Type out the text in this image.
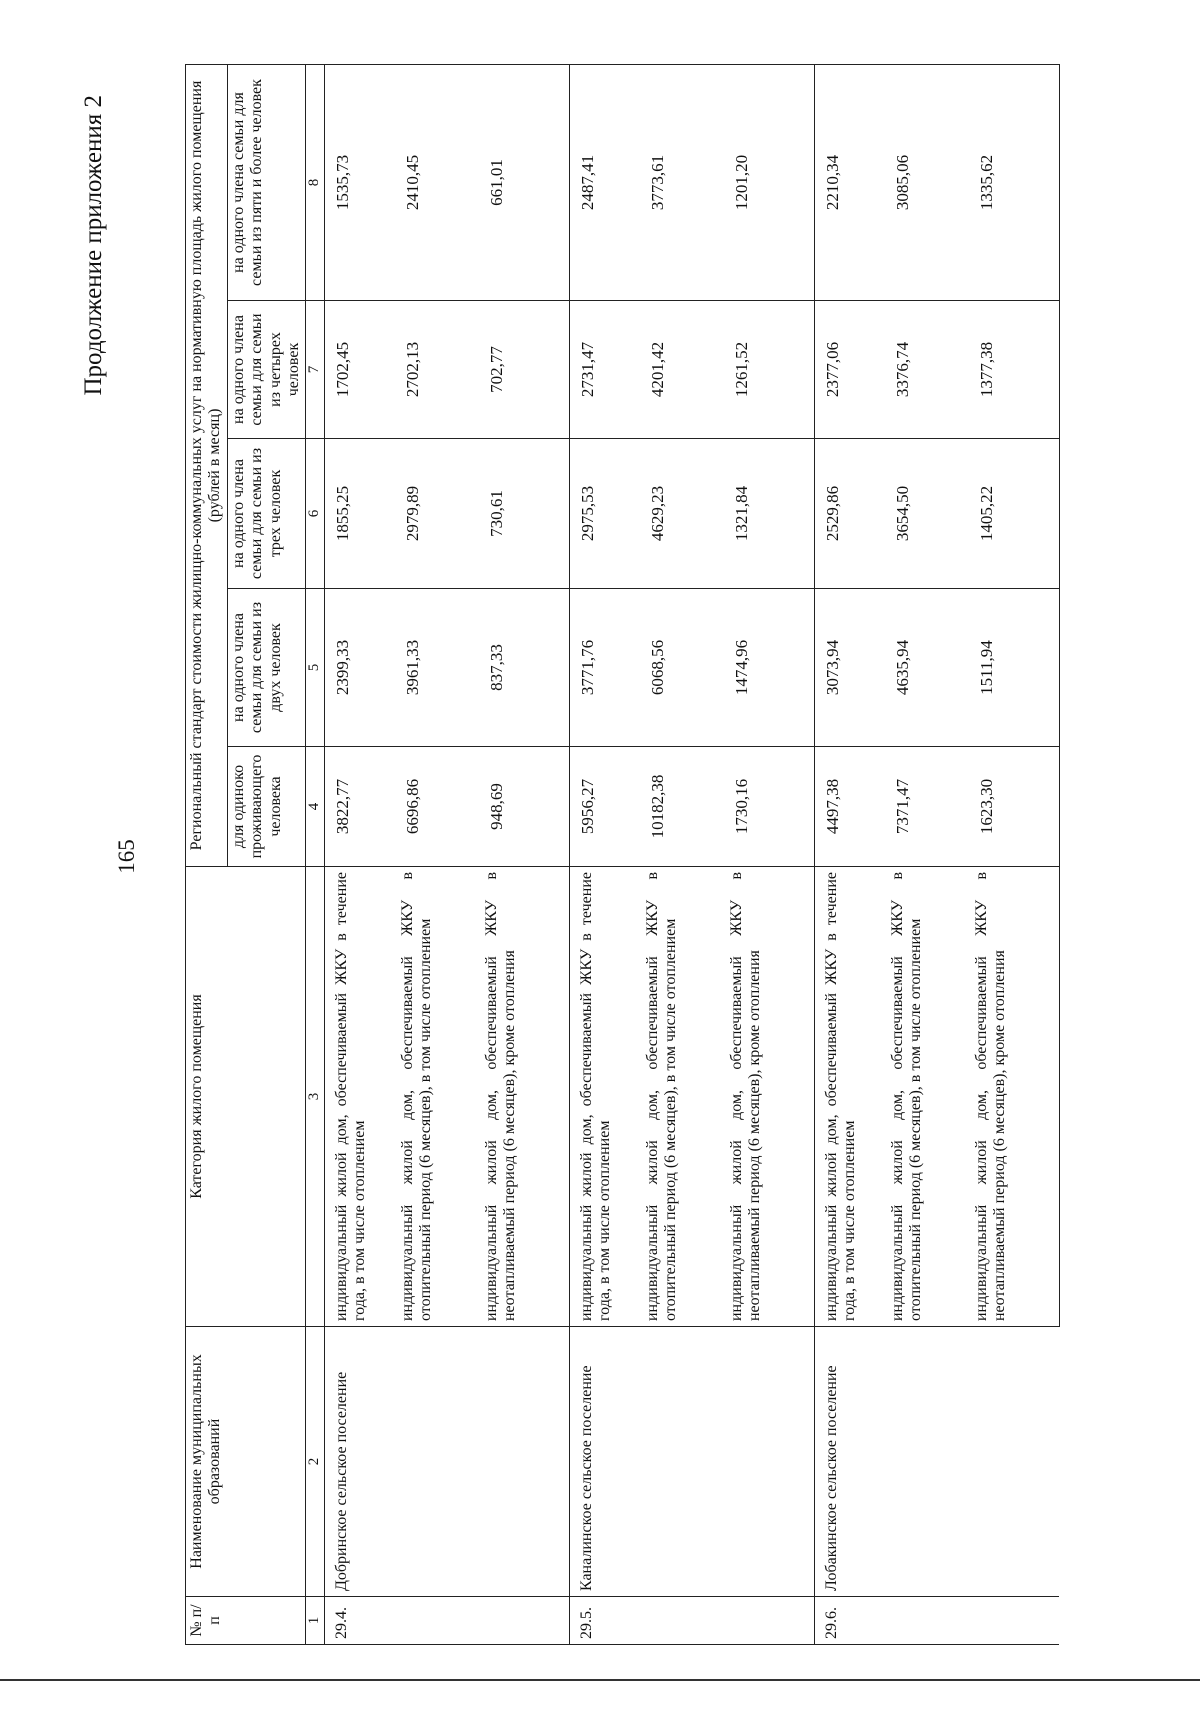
165
Продолжение приложения 2
№ п/п	Наименование муниципальных образований	Категория жилого помещения	Региональный стандарт стоимости жилищно-коммунальных услуг на нормативную площадь жилого помещения (рублей в месяц)				
			для одиноко проживающего человека	на одного члена семьи для семьи из двух человек	на одного члена семьи для семьи из трех человек	на одного члена семьи для семьи из четырех человек	на одного члена семьи для семьи из пяти и более человек
1	2	3	4	5	6	7	8
29.4.	Добринское сельское поселение	индивидуальный жилой дом, обеспечиваемый ЖКУ в течение года, в том числе отоплением	3822,77	2399,33	1855,25	1702,45	1535,73
		индивидуальный жилой дом, обеспечиваемый ЖКУ в отопительный период (6 месяцев), в том числе отоплением	6696,86	3961,33	2979,89	2702,13	2410,45
		индивидуальный жилой дом, обеспечиваемый ЖКУ в неотапливаемый период (6 месяцев), кроме отопления	948,69	837,33	730,61	702,77	661,01
29.5.	Каналинское сельское поселение	индивидуальный жилой дом, обеспечиваемый ЖКУ в течение года, в том числе отоплением	5956,27	3771,76	2975,53	2731,47	2487,41
		индивидуальный жилой дом, обеспечиваемый ЖКУ в отопительный период (6 месяцев), в том числе отоплением	10182,38	6068,56	4629,23	4201,42	3773,61
		индивидуальный жилой дом, обеспечиваемый ЖКУ в неотапливаемый период (6 месяцев), кроме отопления	1730,16	1474,96	1321,84	1261,52	1201,20
29.6.	Лобакинское сельское поселение	индивидуальный жилой дом, обеспечиваемый ЖКУ в течение года, в том числе отоплением	4497,38	3073,94	2529,86	2377,06	2210,34
		индивидуальный жилой дом, обеспечиваемый ЖКУ в отопительный период (6 месяцев), в том числе отоплением	7371,47	4635,94	3654,50	3376,74	3085,06
		индивидуальный жилой дом, обеспечиваемый ЖКУ в неотапливаемый период (6 месяцев), кроме отопления	1623,30	1511,94	1405,22	1377,38	1335,62
